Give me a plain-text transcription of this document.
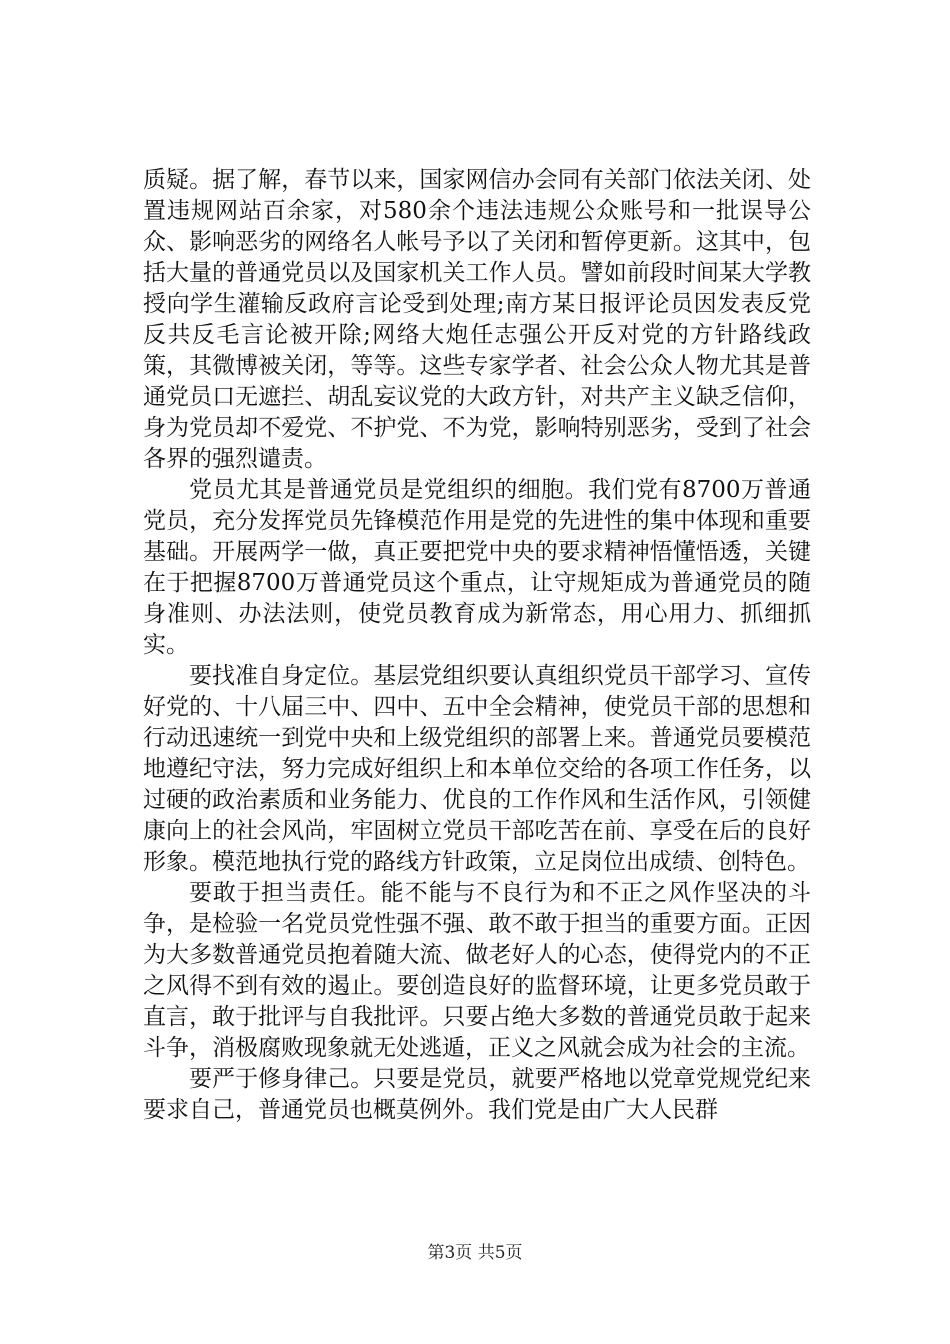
质疑。据了解，春节以来，国家网信办会同有关部门依法关闭、处置违规网站百余家，对580余个违法违规公众账号和一批误导公众、影响恶劣的网络名人帐号予以了关闭和暂停更新。这其中，包括大量的普通党员以及国家机关工作人员。譬如前段时间某大学教授向学生灌输反政府言论受到处理;南方某日报评论员因发表反党反共反毛言论被开除;网络大炮任志强公开反对党的方针路线政策，其微博被关闭，等等。这些专家学者、社会公众人物尤其是普通党员口无遮拦、胡乱妄议党的大政方针，对共产主义缺乏信仰，身为党员却不爱党、不护党、不为党，影响特别恶劣，受到了社会各界的强烈谴责。

党员尤其是普通党员是党组织的细胞。我们党有8700万普通党员，充分发挥党员先锋模范作用是党的先进性的集中体现和重要基础。开展两学一做，真正要把党中央的要求精神悟懂悟透，关键在于把握8700万普通党员这个重点，让守规矩成为普通党员的随身准则、办法法则，使党员教育成为新常态，用心用力、抓细抓实。

要找准自身定位。基层党组织要认真组织党员干部学习、宣传好党的、十八届三中、四中、五中全会精神，使党员干部的思想和行动迅速统一到党中央和上级党组织的部署上来。普通党员要模范地遵纪守法，努力完成好组织上和本单位交给的各项工作任务，以过硬的政治素质和业务能力、优良的工作作风和生活作风，引领健康向上的社会风尚，牢固树立党员干部吃苦在前、享受在后的良好形象。模范地执行党的路线方针政策，立足岗位出成绩、创特色。

要敢于担当责任。能不能与不良行为和不正之风作坚决的斗争，是检验一名党员党性强不强、敢不敢于担当的重要方面。正因为大多数普通党员抱着随大流、做老好人的心态，使得党内的不正之风得不到有效的遏止。要创造良好的监督环境，让更多党员敢于直言，敢于批评与自我批评。只要占绝大多数的普通党员敢于起来斗争，消极腐败现象就无处逃遁，正义之风就会成为社会的主流。

要严于修身律己。只要是党员，就要严格地以党章党规党纪来要求自己，普通党员也概莫例外。我们党是由广大人民群

第3页 共5页
